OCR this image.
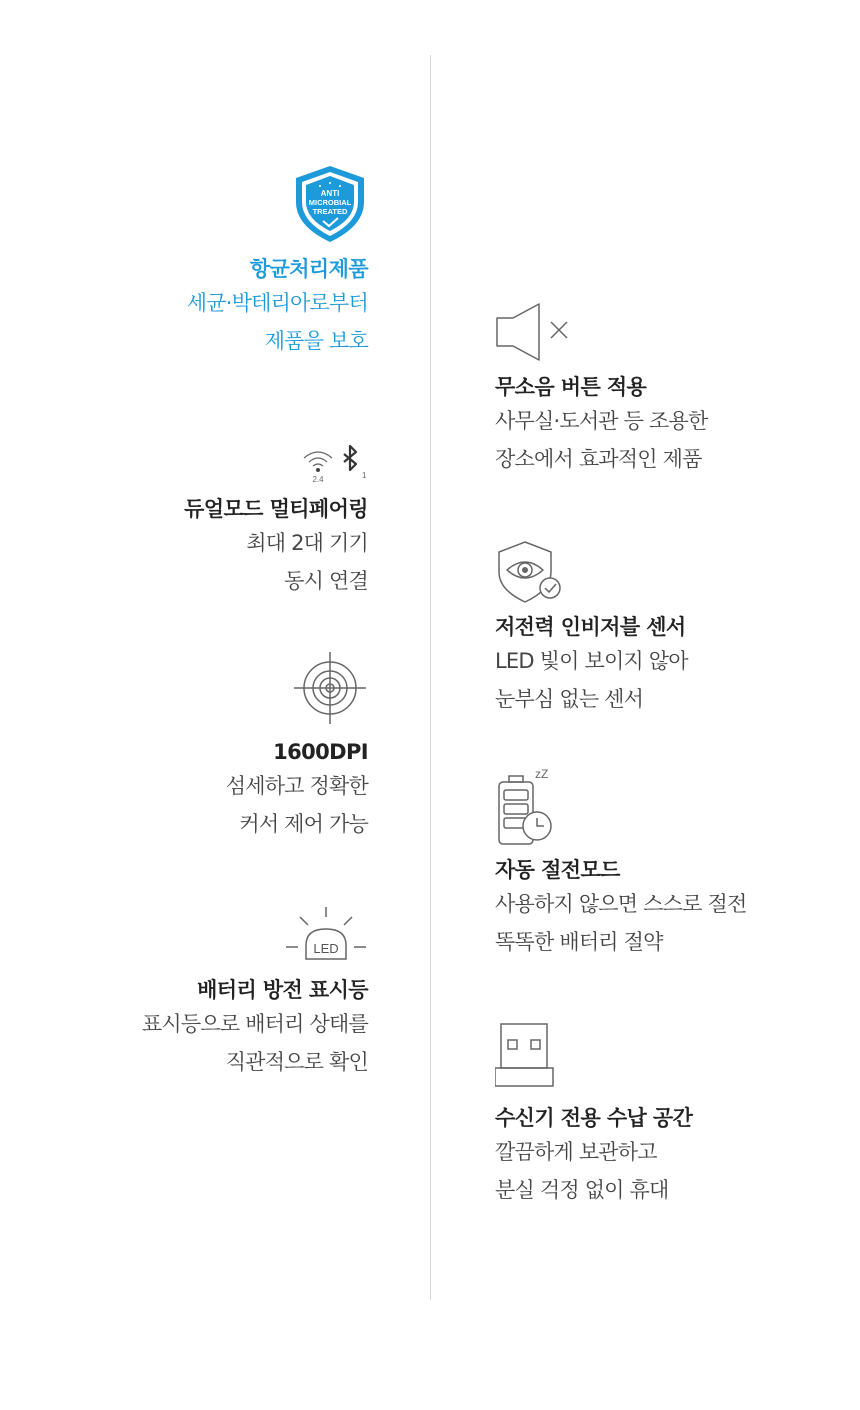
ANTI
MICROBIAL
TREATED
항균처리제품
세균·박테리아로부터
제품을 보호
2.4	1
듀얼모드 멀티페어링
최대 2대 기기
동시 연결
1600DPI
섬세하고 정확한
커서 제어 가능
LED
배터리 방전 표시등
표시등으로 배터리 상태를
직관적으로 확인
무소음 버튼 적용
사무실·도서관 등 조용한
장소에서 효과적인 제품
저전력 인비저블 센서
LED 빛이 보이지 않아
눈부심 없는 센서
zZ
자동 절전모드
사용하지 않으면 스스로 절전
똑똑한 배터리 절약
수신기 전용 수납 공간
깔끔하게 보관하고
분실 걱정 없이 휴대
